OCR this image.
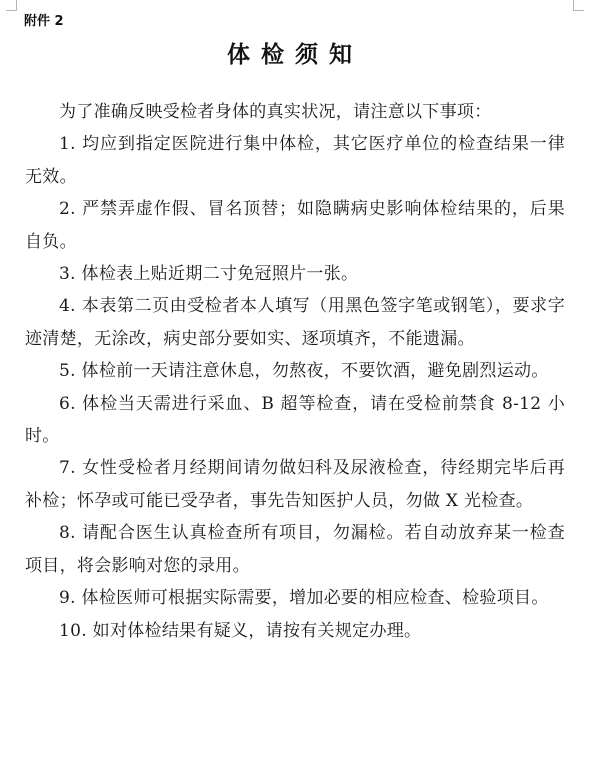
附件 2
体检须知

为了准确反映受检者身体的真实状况，请注意以下事项：

1. 均应到指定医院进行集中体检，其它医疗单位的检查结果一律无效。

2. 严禁弄虚作假、冒名顶替；如隐瞒病史影响体检结果的，后果自负。

3. 体检表上贴近期二寸免冠照片一张。

4. 本表第二页由受检者本人填写（用黑色签字笔或钢笔），要求字迹清楚，无涂改，病史部分要如实、逐项填齐，不能遗漏。

5. 体检前一天请注意休息，勿熬夜，不要饮酒，避免剧烈运动。

6. 体检当天需进行采血、B 超等检查，请在受检前禁食 8-12 小时。

7. 女性受检者月经期间请勿做妇科及尿液检查，待经期完毕后再补检；怀孕或可能已受孕者，事先告知医护人员，勿做 X 光检查。

8. 请配合医生认真检查所有项目，勿漏检。若自动放弃某一检查项目，将会影响对您的录用。

9. 体检医师可根据实际需要，增加必要的相应检查、检验项目。

10. 如对体检结果有疑义，请按有关规定办理。
